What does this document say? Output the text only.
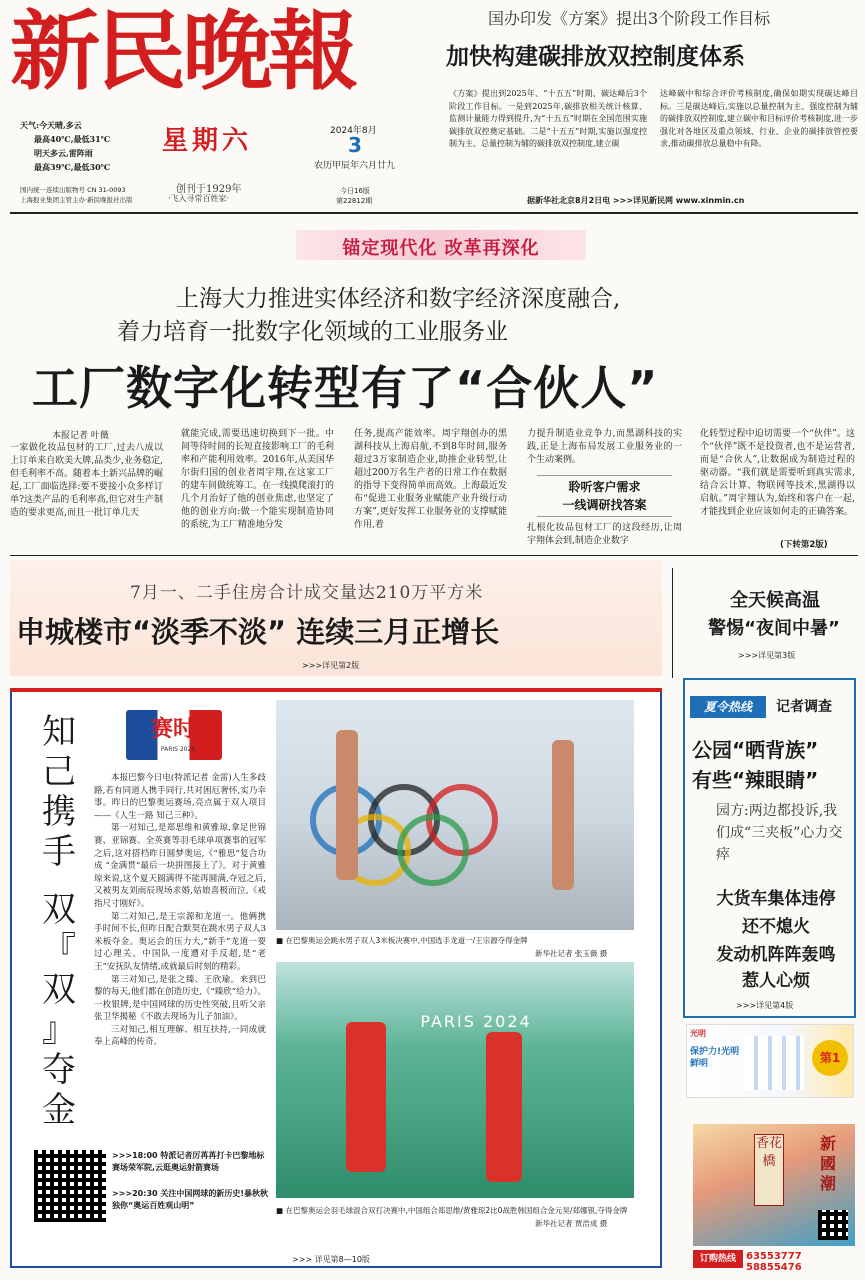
新民晚報
天气:今天晴,多云
最高40℃,最低31℃
明天多云,雷阵雨
最高39℃,最低30℃
星期六
创刊于1929年
·飞入寻常百姓家·
2024年8月
3
农历甲辰年六月廿九
今日16版
第22812期
国内统一连续出版物号 CN 31-0093
上海报业集团主管主办·新民晚报社出版
国办印发《方案》提出3个阶段工作目标
加快构建碳排放双控制度体系
《方案》提出到2025年、“十五五”时期、碳达峰后3个阶段工作目标。一是到2025年,碳排放相关统计核算、监测计量能力得到提升,为“十五五”时期在全国范围实施碳排放双控奠定基础。二是“十五五”时期,实施以强度控制为主、总量控制为辅的碳排放双控制度,建立碳
达峰碳中和综合评价考核制度,确保如期实现碳达峰目标。三是碳达峰后,实施以总量控制为主、强度控制为辅的碳排放双控制度,建立碳中和目标评价考核制度,进一步强化对各地区及重点领域、行业、企业的碳排放管控要求,推动碳排放总量稳中有降。
据新华社北京8月2日电 >>>详见新民网 www.xinmin.cn
锚定现代化 改革再深化
上海大力推进实体经济和数字经济深度融合,
着力培育一批数字化领域的工业服务业
工厂数字化转型有了“合伙人”
本报记者 叶薇
一家做化妆品包材的工厂,过去八成以上订单来自欧美大牌,品类少,业务稳定,但毛利率不高。随着本土新兴品牌的崛起,工厂面临选择:要不要接小众多样订单?这类产品的毛利率高,但它对生产制造的要求更高,而且一批订单几天
就能完成,需要迅速切换到下一批。中间等待时间的长短直接影响工厂的毛利率和产能利用效率。2016年,从美国华尔街归国的创业者周宇翔,在这家工厂的建车间做统筹工。在一线摸爬滚打的几个月治好了他的创业焦虑,也坚定了他的创业方向:做一个能实现制造协同的系统,为工厂精准地分发
任务,提高产能效率。周宇翔创办的黑湖科技从上海启航,不到8年时间,服务超过3万家制造企业,助推企业转型,让超过200万名生产者的日常工作在数据的指导下变得简单而高效。上海最近发布“促进工业服务业赋能产业升级行动方案”,更好发挥工业服务业的支撑赋能作用,着
力提升制造业竞争力,而黑湖科技的实践,正是上海布局发展工业服务业的一个生动案例。
聆听客户需求
一线调研找答案
扎根化妆品包材工厂的这段经历,让周宇翔体会到,制造企业数字
化转型过程中迫切需要一个“伙伴”。这个“伙伴”既不是投资者,也不是运营者,而是“合伙人”,让数据成为制造过程的驱动器。“我们就是需要听到真实需求,结合云计算、物联网等技术,黑湖得以启航。”周宇翔认为,始终和客户在一起,才能找到企业应该如何走的正确答案。
(下转第2版)
7月一、二手住房合计成交量达210万平方米
申城楼市“淡季不淡” 连续三月正增长
>>>详见第2版
全天候高温
警惕“夜间中暑”
>>>详见第3版
知
己
携
手
双
『
双
』
夺
金
赛时
PARIS 2024
本报巴黎今日电(特派记者 金雷)人生多歧路,若有同道人携手同行,共对困厄奢怀,实乃幸事。昨日的巴黎奥运赛场,亮点属于双人项目——《人生一路 知己三种》。
第一对知己,是郑思维和黄雅琼,拿足世锦赛、亚锦赛、全英赛等羽毛球单项赛事的冠军之后,这对搭档昨日圆梦奥运,《“雅思”复合功成 “金满贯”最后一块拼图接上了》。对于黄雅琼来说,这个夏天圆满得不能再圆满,夺冠之后,又被男友刘雨辰现场求婚,姑娘喜极而泣,《戒指尺寸刚好》。
第二对知己,是王宗源和龙道一。他俩携手时间不长,但昨日配合默契在跳水男子双人3米板夺金。奥运会的压力大,“新手”龙道一要过心理关。中国队一度遭对手反超,是“老王”安抚队友情绪,成就最后时刻的精彩。
第三对知己,是张之臻、王欣瑜。来到巴黎的每天,他们都在创造历史,《“臻欣”给力》。一枚银牌,是中国网球的历史性突破,且听父亲张卫华揭秘《不敢去现场为儿子加油》。
三对知己,相互理解、相互扶持,一同成就奉上高峰的传奇。
■ 在巴黎奥运会跳水男子双人3米板决赛中,中国选手龙道一/王宗源夺得金牌
新华社记者 张玉薇 摄
PARIS 2024
■ 在巴黎奥运会羽毛球混合双打决赛中,中国组合郑思维/黄雅琼2比0战胜韩国组合金元昊/郑娜银,夺得金牌
新华社记者 贾浩成 摄
>>>18:00 特派记者厉苒苒打卡巴黎地标赛场荣军院,云逛奥运射箭赛场
>>>20:30 关注中国网球的新历史!暴秋秋独你“奥运百姓观山明”
>>> 详见第8—10版
夏令热线	记者调查
公园“晒背族”
有些“辣眼睛”
园方:两边都投诉,我们成“三夹板”心力交瘁
大货车集体违停
还不熄火
发动机阵阵轰鸣
惹人心烦
>>>详见第4版
光明
保护力!光明鲜明	第1
香花橋
新國潮
订购热线	63553777 58855476
